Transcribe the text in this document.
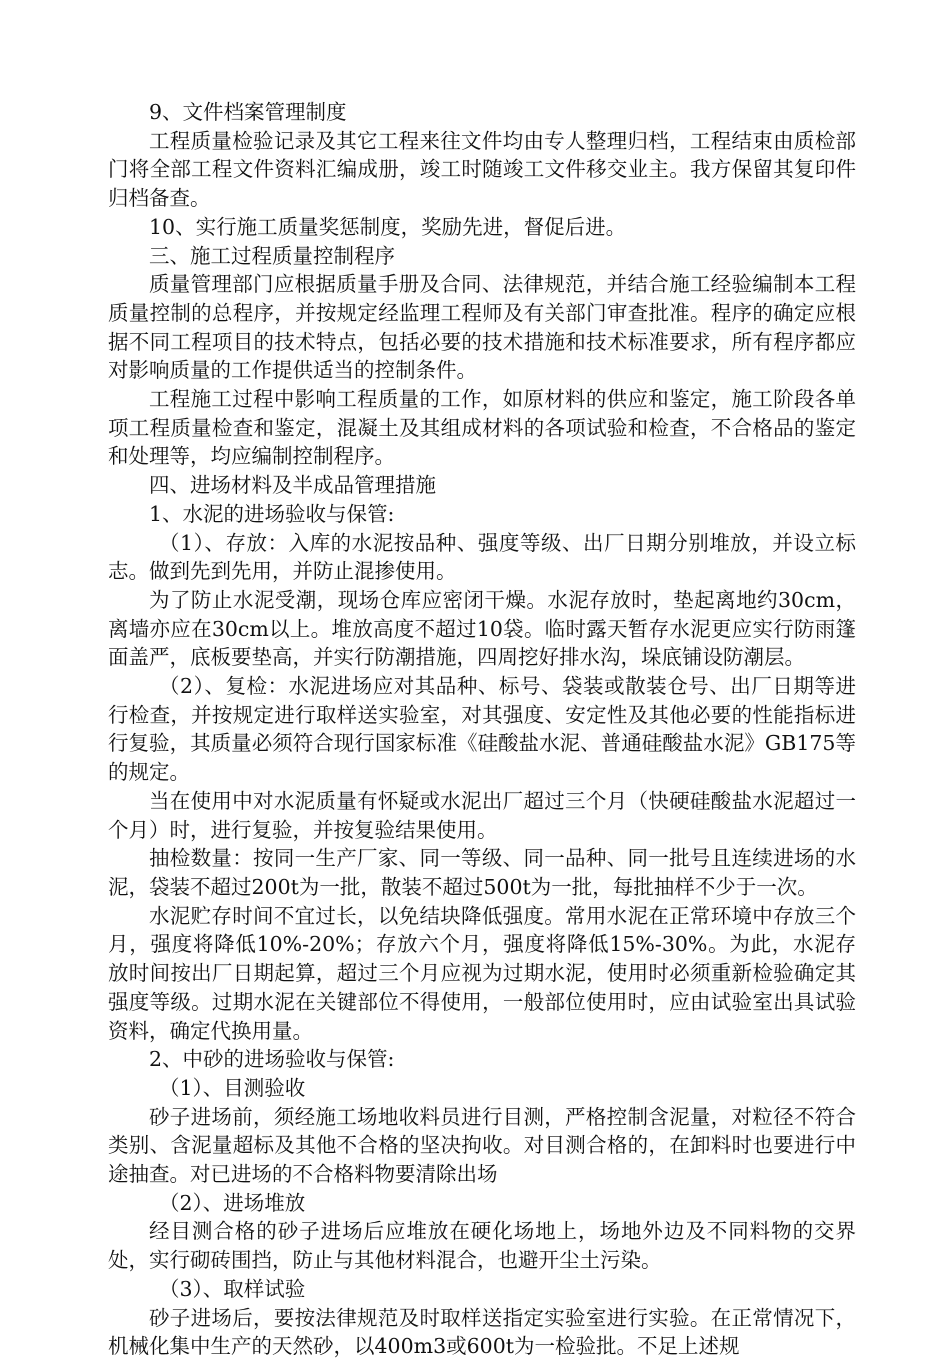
9、文件档案管理制度

工程质量检验记录及其它工程来往文件均由专人整理归档，工程结束由质检部门将全部工程文件资料汇编成册，竣工时随竣工文件移交业主。我方保留其复印件归档备查。

10、实行施工质量奖惩制度，奖励先进，督促后进。

三、施工过程质量控制程序

质量管理部门应根据质量手册及合同、法律规范，并结合施工经验编制本工程质量控制的总程序，并按规定经监理工程师及有关部门审查批准。程序的确定应根据不同工程项目的技术特点，包括必要的技术措施和技术标准要求，所有程序都应对影响质量的工作提供适当的控制条件。

工程施工过程中影响工程质量的工作，如原材料的供应和鉴定，施工阶段各单项工程质量检查和鉴定，混凝土及其组成材料的各项试验和检查，不合格品的鉴定和处理等，均应编制控制程序。

四、进场材料及半成品管理措施

1、水泥的进场验收与保管:

（1）、存放：入库的水泥按品种、强度等级、出厂日期分别堆放，并设立标志。做到先到先用，并防止混掺使用。

为了防止水泥受潮，现场仓库应密闭干燥。水泥存放时，垫起离地约30cm，离墙亦应在30cm以上。堆放高度不超过10袋。临时露天暂存水泥更应实行防雨篷面盖严，底板要垫高，并实行防潮措施，四周挖好排水沟，垛底铺设防潮层。

（2）、复检：水泥进场应对其品种、标号、袋装或散装仓号、出厂日期等进行检查，并按规定进行取样送实验室，对其强度、安定性及其他必要的性能指标进行复验，其质量必须符合现行国家标准《硅酸盐水泥、普通硅酸盐水泥》GB175等的规定。

当在使用中对水泥质量有怀疑或水泥出厂超过三个月（快硬硅酸盐水泥超过一个月）时，进行复验，并按复验结果使用。

抽检数量：按同一生产厂家、同一等级、同一品种、同一批号且连续进场的水泥，袋装不超过200t为一批，散装不超过500t为一批，每批抽样不少于一次。

水泥贮存时间不宜过长，以免结块降低强度。常用水泥在正常环境中存放三个月，强度将降低10%-20%；存放六个月，强度将降低15%-30%。为此，水泥存放时间按出厂日期起算，超过三个月应视为过期水泥，使用时必须重新检验确定其强度等级。过期水泥在关键部位不得使用，一般部位使用时，应由试验室出具试验资料，确定代换用量。

2、中砂的进场验收与保管:

（1）、目测验收

砂子进场前，须经施工场地收料员进行目测，严格控制含泥量，对粒径不符合类别、含泥量超标及其他不合格的坚决拘收。对目测合格的，在卸料时也要进行中途抽查。对已进场的不合格料物要清除出场

（2）、进场堆放

经目测合格的砂子进场后应堆放在硬化场地上，场地外边及不同料物的交界处，实行砌砖围挡，防止与其他材料混合，也避开尘土污染。

（3）、取样试验

砂子进场后，要按法律规范及时取样送指定实验室进行实验。在正常情况下，机械化集中生产的天然砂，以400m3或600t为一检验批。不足上述规
